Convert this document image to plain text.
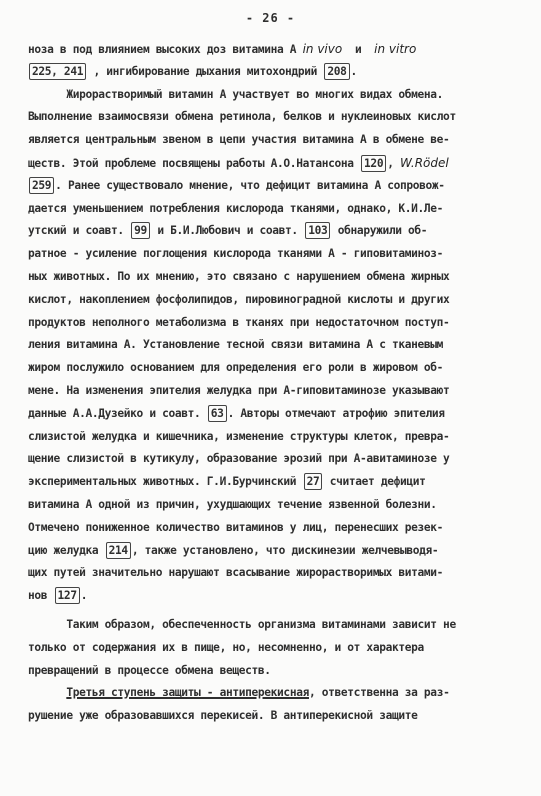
- 26 -
ноза в под влиянием высоких доз витамина А in vivo  и  in vitro
225, 241 , ингибирование дыхания митохондрий 208 .
Жирорастворимый витамин А участвует во многих видах обмена.
Выполнение взаимосвязи обмена ретинола, белков и нуклеиновых кислот
является центральным звеном в цепи участия витамина А в обмене ве-
ществ. Этой проблеме посвящены работы А.О.Натансона 120 , W.Rödel
259 . Ранее существовало мнение, что дефицит витамина А сопровож-
дается уменьшением потребления кислорода тканями, однако, К.И.Ле-
утский и соавт. 99 и Б.И.Любович и соавт. 103 обнаружили об-
ратное - усиление поглощения кислорода тканями А - гиповитаминоз-
ных животных. По их мнению, это связано с нарушением обмена жирных
кислот, накоплением фосфолипидов, пировиноградной кислоты и других
продуктов неполного метаболизма в тканях при недостаточном поступ-
ления витамина А. Установление тесной связи витамина А с тканевым
жиром послужило основанием для определения его роли в жировом об-
мене. На изменения эпителия желудка при А-гиповитаминозе указывают
данные А.А.Дузейко и соавт. 63 . Авторы отмечают атрофию эпителия
слизистой желудка и кишечника, изменение структуры клеток, превра-
щение слизистой в кутикулу, образование эрозий при А-авитаминозе у
экспериментальных животных. Г.И.Бурчинский 27 считает дефицит
витамина А одной из причин, ухудшающих течение язвенной болезни.
Отмечено пониженное количество витаминов у лиц, перенесших резек-
цию желудка 214 , также установлено, что дискинезии желчевыводя-
щих путей значительно нарушают всасывание жирорастворимых витами-
нов 127 .
Таким образом, обеспеченность организма витаминами зависит не
только от содержания их в пище, но, несомненно, и от характера
превращений в процессе обмена веществ.
Третья ступень защиты - антиперекисная, ответственна за раз-
рушение уже образовавшихся перекисей. В антиперекисной защите
